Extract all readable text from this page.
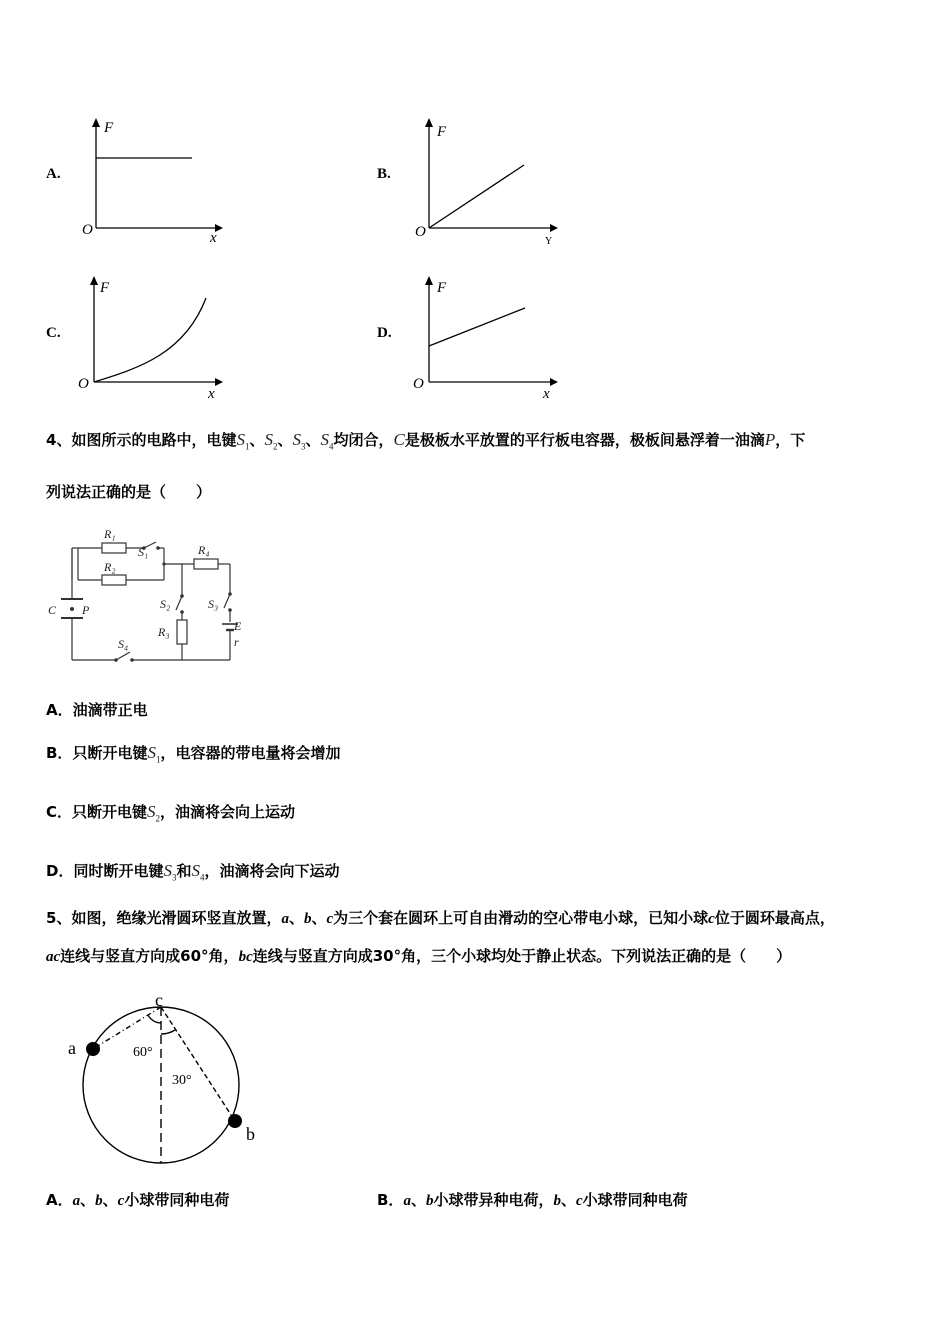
A.
F
O	x
B.
F
O
Y
C.
F
O
x
D.
F
O
x
4、如图所示的电路中，电键$S_1$、$S_2$、$S_3$、$S_4$均闭合，C是极板水平放置的平行板电容器，极板间悬浮着一油滴P，下
列说法正确的是（　　）
R₁
S₁
R₂
R₄
S₂	S₃
R₃	E
r
S₄
C P
A．油滴带正电
B．只断开电键$S_1$，电容器的带电量将会增加
C．只断开电键$S_2$，油滴将会向上运动
D．同时断开电键$S_3$和$S_4$，油滴将会向下运动
5、如图，绝缘光滑圆环竖直放置，a、b、c为三个套在圆环上可自由滑动的空心带电小球，已知小球c位于圆环最高点，
ac连线与竖直方向成60°角，bc连线与竖直方向成30°角，三个小球均处于静止状态。下列说法正确的是（　　）
c
a
b
60°
30°
A．a、b、c小球带同种电荷	B．a、b小球带异种电荷，b、c小球带同种电荷
